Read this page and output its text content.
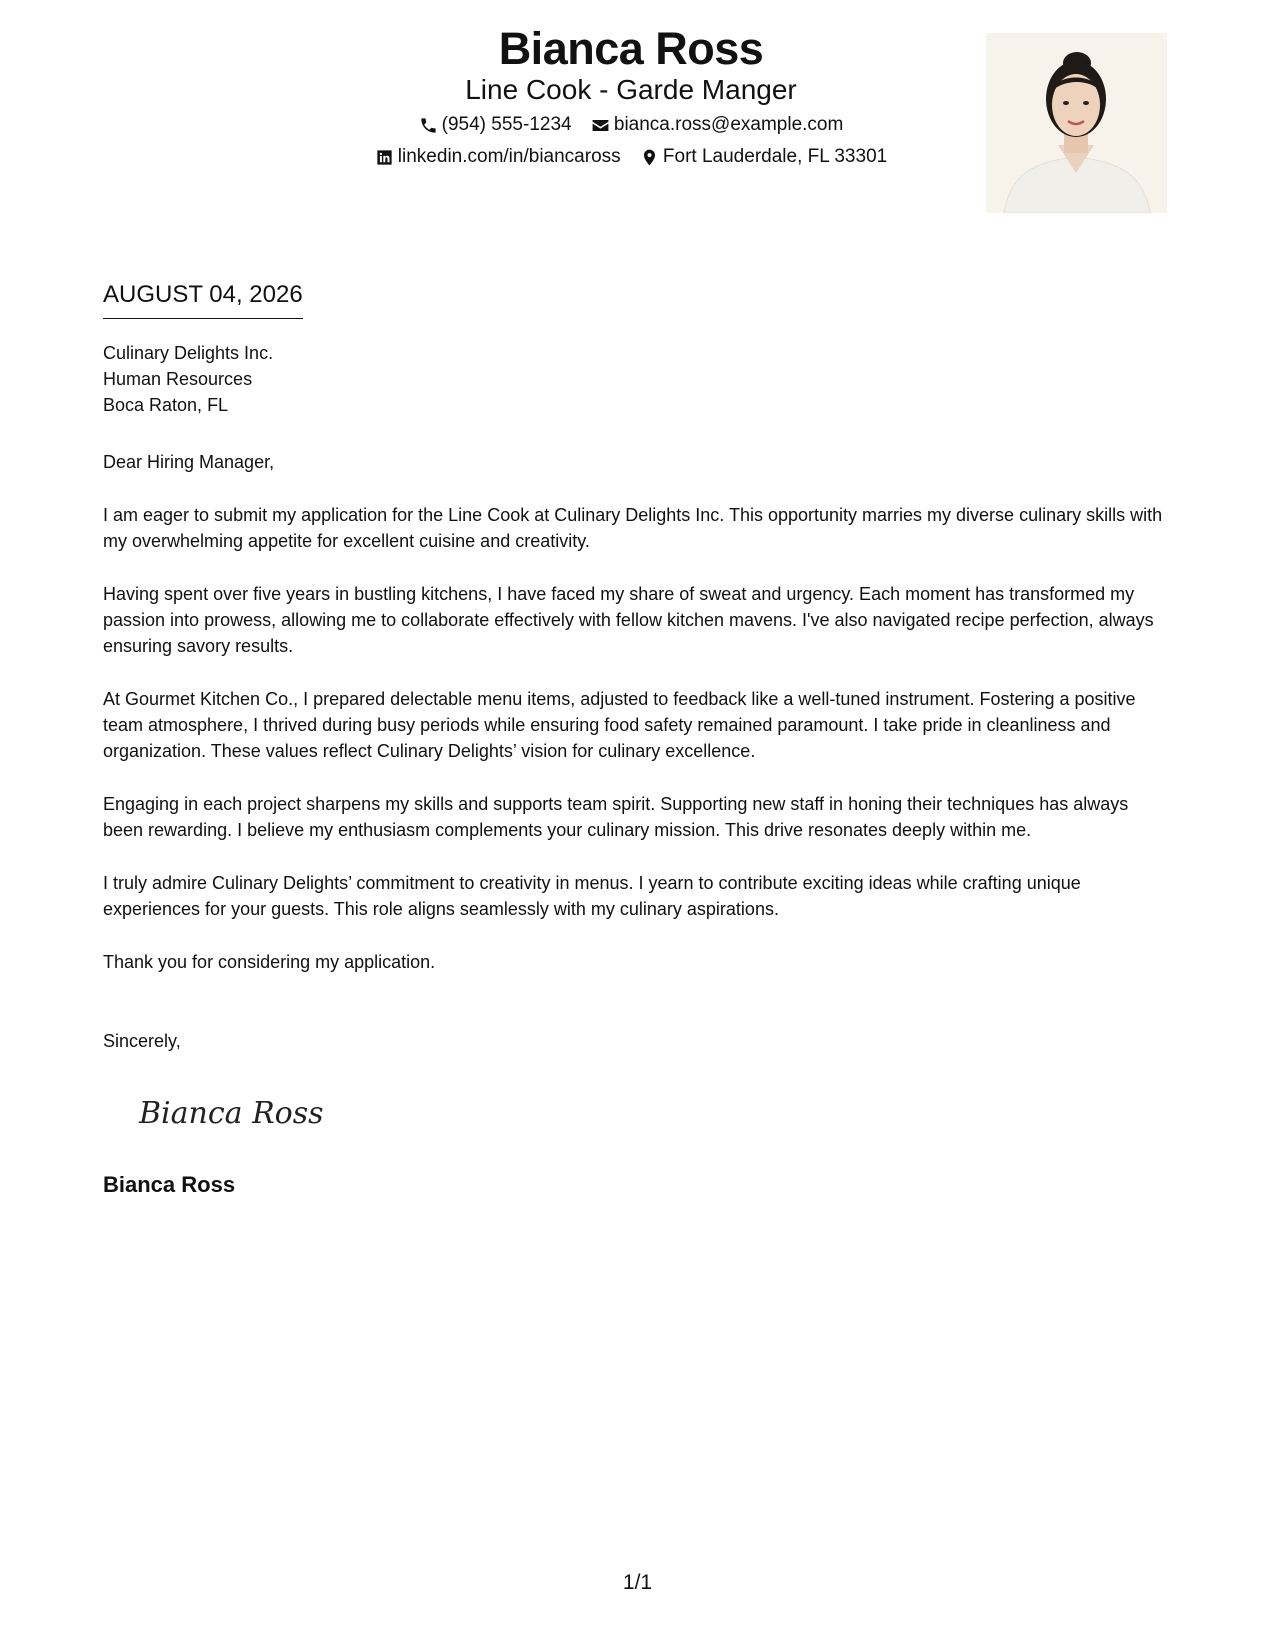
Bianca Ross
Line Cook - Garde Manger
(954) 555-1234
bianca.ross@example.com
linkedin.com/in/biancaross
Fort Lauderdale, FL 33301
AUGUST 04, 2026
Culinary Delights Inc.
Human Resources
Boca Raton, FL
Dear Hiring Manager,

I am eager to submit my application for the Line Cook at Culinary Delights Inc. This opportunity marries my diverse culinary skills with my overwhelming appetite for excellent cuisine and creativity.

Having spent over five years in bustling kitchens, I have faced my share of sweat and urgency. Each moment has transformed my passion into prowess, allowing me to collaborate effectively with fellow kitchen mavens. I've also navigated recipe perfection, always ensuring savory results.

At Gourmet Kitchen Co., I prepared delectable menu items, adjusted to feedback like a well-tuned instrument. Fostering a positive team atmosphere, I thrived during busy periods while ensuring food safety remained paramount. I take pride in cleanliness and organization. These values reflect Culinary Delights’ vision for culinary excellence.

Engaging in each project sharpens my skills and supports team spirit. Supporting new staff in honing their techniques has always been rewarding. I believe my enthusiasm complements your culinary mission. This drive resonates deeply within me.

I truly admire Culinary Delights’ commitment to creativity in menus. I yearn to contribute exciting ideas while crafting unique experiences for your guests. This role aligns seamlessly with my culinary aspirations.

Thank you for considering my application.

Sincerely,
Bianca Ross
Bianca Ross
1/1
